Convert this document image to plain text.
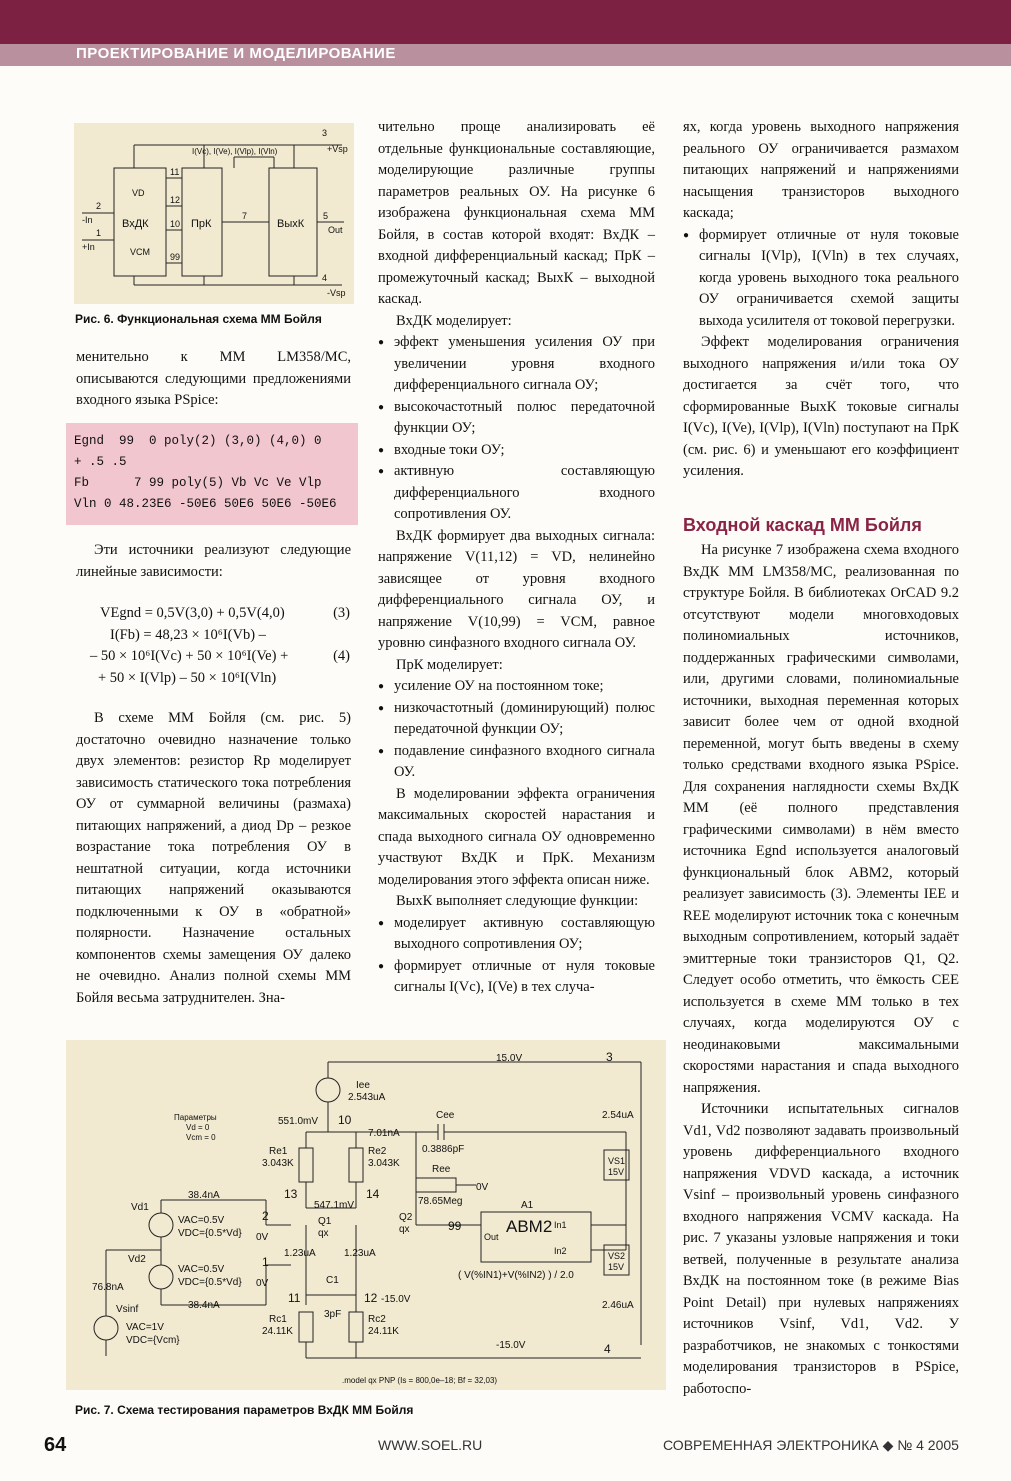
ПРОЕКТИРОВАНИЕ И МОДЕЛИРОВАНИЕ
ВхДК	ПрК	ВыхК
VD
VCM
I(Vc), I(Ve), I(Vlp), I(Vln)
-In
+In
Out
+Vsp
-Vsp
2
1
11
12
10
99
7	5
3
4
Рис. 6. Функциональная схема ММ Бойля

менительно к ММ LM358/MC, описываются следующими предложениями входного языка PSpice:

Egnd  99  0 poly(2) (3,0) (4,0) 0
+ .5 .5
Fb      7 99 poly(5) Vb Vc Ve Vlp
Vln 0 48.23E6 -50E6 50E6 50E6 -50E6

Эти источники реализуют следующие линейные зависимости:

VEgnd = 0,5V(3,0) + 0,5V(4,0)	(3)
I(Fb) = 48,23 × 10⁶I(Vb) –
– 50 × 10⁶I(Vc) + 50 × 10⁶I(Ve) +	(4)
+ 50 × I(Vlp) – 50 × 10⁶I(Vln)

В схеме ММ Бойля (см. рис. 5) достаточно очевидно назначение только двух элементов: резистор Rp моделирует зависимость статического тока потребления ОУ от суммарной величины (размаха) питающих напряжений, а диод Dp – резкое возрастание тока потребления ОУ в нештатной ситуации, когда источники питающих напряжений оказываются подключенными к ОУ в «обратной» полярности. Назначение остальных компонентов схемы замещения ОУ далеко не очевидно. Анализ полной схемы ММ Бойля весьма затруднителен. Зна-

чительно проще анализировать её отдельные функциональные составляющие, моделирующие различные группы параметров реальных ОУ. На рисунке 6 изображена функциональная схема ММ Бойля, в состав которой входят: ВхДК – входной дифференциальный каскад; ПрК – промежуточный каскад; ВыхК – выходной каскад.

ВхДК моделирует:

● эффект уменьшения усиления ОУ при увеличении уровня входного дифференциального сигнала ОУ;
● высокочастотный полюс передаточной функции ОУ;
● входные токи ОУ;
● активную составляющую дифференциального входного сопротивления ОУ.

ВхДК формирует два выходных сигнала: напряжение V(11,12) = VD, нелинейно зависящее от уровня входного дифференциального сигнала ОУ, и напряжение V(10,99) = VCM, равное уровню синфазного входного сигнала ОУ.

ПрК моделирует:

● усиление ОУ на постоянном токе;
● низкочастотный (доминирующий) полюс передаточной функции ОУ;
● подавление синфазного входного сигнала ОУ.

В моделировании эффекта ограничения максимальных скоростей нарастания и спада выходного сигнала ОУ одновременно участвуют ВхДК и ПрК. Механизм моделирования этого эффекта описан ниже.

ВыхК выполняет следующие функции:

● моделирует активную составляющую выходного сопротивления ОУ;
● формирует отличные от нуля токовые сигналы I(Vc), I(Ve) в тех случа-

ях, когда уровень выходного напряжения реального ОУ ограничивается размахом питающих напряжений и напряжениями насыщения транзисторов выходного каскада;

● формирует отличные от нуля токовые сигналы I(Vlp), I(Vln) в тех случаях, когда уровень выходного тока реального ОУ ограничивается схемой защиты выхода усилителя от токовой перегрузки.

Эффект моделирования ограничения выходного напряжения и/или тока ОУ достигается за счёт того, что сформированные ВыхК токовые сигналы I(Vc), I(Ve), I(Vlp), I(Vln) поступают на ПрК (см. рис. 6) и уменьшают его коэффициент усиления.

Входной каскад ММ Бойля

На рисунке 7 изображена схема входного ВхДК ММ LM358/MC, реализованная по структуре Бойля. В библиотеках OrCAD 9.2 отсутствуют модели многовходовых полиномиальных источников, поддержанных графическими символами, или, другими словами, полиномиальные источники, выходная переменная которых зависит более чем от одной входной переменной, могут быть введены в схему только средствами входного языка PSpice. Для сохранения наглядности схемы ВхДК ММ (её полного представления графическими символами) в нём вместо источника Egnd используется аналоговый функциональный блок ABM2, который реализует зависимость (3). Элементы IEE и REE моделируют источник тока с конечным выходным сопротивлением, который задаёт эмиттерные токи транзисторов Q1, Q2. Следует особо отметить, что ёмкость CEE используется в схеме ММ только в тех случаях, когда моделируются ОУ с неодинаковыми максимальными скоростями нарастания и спада выходного напряжения.

Источники испытательных сигналов Vd1, Vd2 позволяют задавать произвольный уровень дифференциального входного напряжения VDVD каскада, а источник Vsinf – произвольный уровень синфазного входного напряжения VCMV каскада. На рис. 7 указаны узловые напряжения и токи ветвей, полученные в результате анализа ВхДК на постоянном токе (в режиме Bias Point Detail) при нулевых напряжениях источников Vsinf, Vd1, Vd2. У разработчиков, не знакомых с тонкостями моделирования транзисторов в PSpice, работоспо-

Параметры
Vd = 0
Vcm = 0
15.0V
551.0mV
7.01nA
547.1mV
1.23uA	1.23uA
0V
0V
0V
38.4nA
38.4nA
76.8nA
-15.0V
-15.0V
2.54uA
2.46uA
Iee
2.543uA
Re1
3.043K
Re2
3.043K
Cee
0.3886pF
Ree
78.65Meg
Q1
qx
Q2
qx
C1
3pF
Rc1
24.11K
Rc2
24.11K
A1
ABM2
VS1
15V
VS2
15V
Vd1
Vd2
Vsinf
VAC=0.5V
VDC={0.5*Vd}
VAC=0.5V
VDC={0.5*Vd}
VAC=1V
VDC={Vcm}
( V(%IN1)+V(%IN2) ) / 2.0
.model qx PNP (Is = 800,0e–18; Bf = 32,03)
In1
In2
Out
3
4
10
13	14
2
1
11	12
99
Рис. 7. Схема тестирования параметров ВхДК ММ Бойля
64	WWW.SOEL.RU	СОВРЕМЕННАЯ ЭЛЕКТРОНИКА ◆ № 4 2005
